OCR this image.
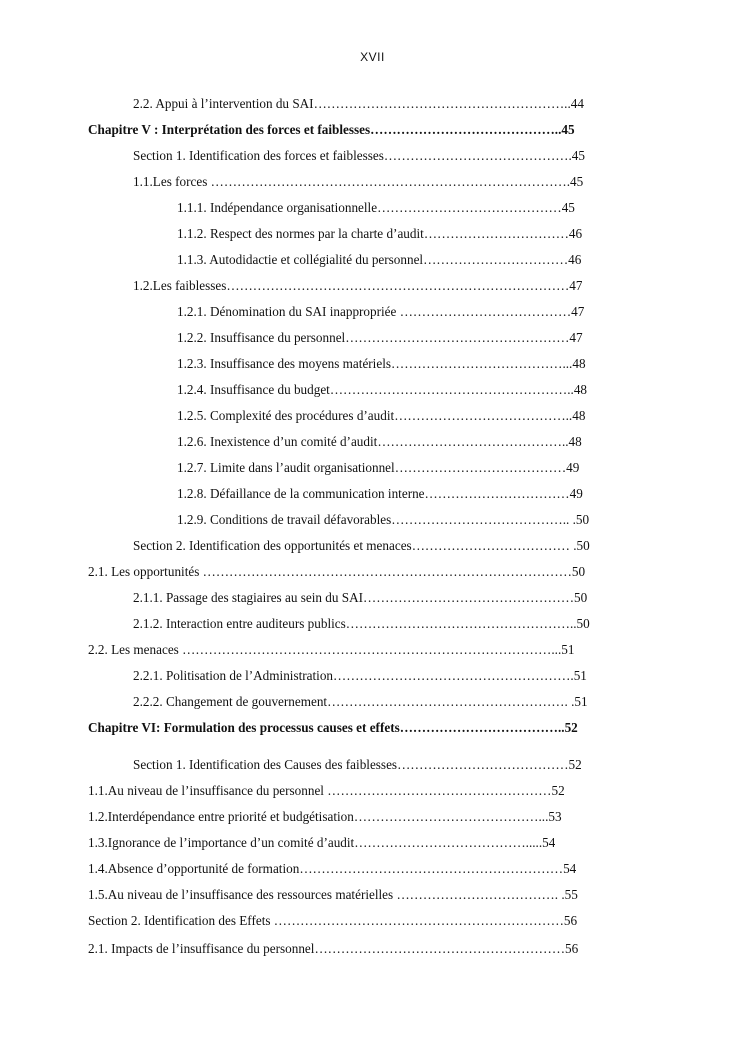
XVII
2.2. Appui à l’intervention du SAI…………………………………………………..44
Chapitre V : Interprétation des forces et faiblesses……………………………………..45
Section 1. Identification des forces et faiblesses…………………………………….45
1.1.Les forces ……………………………………………………………………….45
1.1.1. Indépendance organisationnelle……………………………………45
1.1.2. Respect des normes par la charte d’audit……………………………46
1.1.3. Autodidactie et collégialité du personnel……………………………46
1.2.Les faiblesses……………………………………………………………………47
1.2.1. Dénomination du SAI inappropriée …………………………………47
1.2.2. Insuffisance du personnel……………………………………………47
1.2.3. Insuffisance des moyens matériels…………………………………...48
1.2.4. Insuffisance du budget………………………………………………..48
1.2.5. Complexité des procédures d’audit…………………………………..48
1.2.6. Inexistence d’un comité d’audit……………………………………..48
1.2.7. Limite dans l’audit organisationnel…………………………………49
1.2.8. Défaillance de la communication interne……………………………49
1.2.9. Conditions de travail défavorables………………………………….. .50
Section 2. Identification des opportunités et menaces……………………………… .50
2.1. Les opportunités …………………………………………………………………………50
2.1.1. Passage des stagiaires au sein du SAI…………………………………………50
2.1.2. Interaction entre auditeurs publics……………………………………………..50
2.2. Les menaces …………………………………………………………………………...51
2.2.1. Politisation de l’Administration……………………………………………….51
2.2.2. Changement de gouvernement………………………………………………. .51
Chapitre VI: Formulation des processus causes et effets………………………………..52
Section 1. Identification des Causes des faiblesses…………………………………52
1.1.Au niveau de l’insuffisance du personnel ……………………………………………52
1.2.Interdépendance entre priorité et budgétisation……………………………………...53
1.3.Ignorance de l’importance d’un comité d’audit………………………………….....54
1.4.Absence d’opportunité de formation……………………………………………………54
1.5.Au niveau de l’insuffisance des ressources matérielles ………………………………. .55
Section 2. Identification des Effets …………………………………………………………56
2.1. Impacts de l’insuffisance du personnel…………………………………………………56
